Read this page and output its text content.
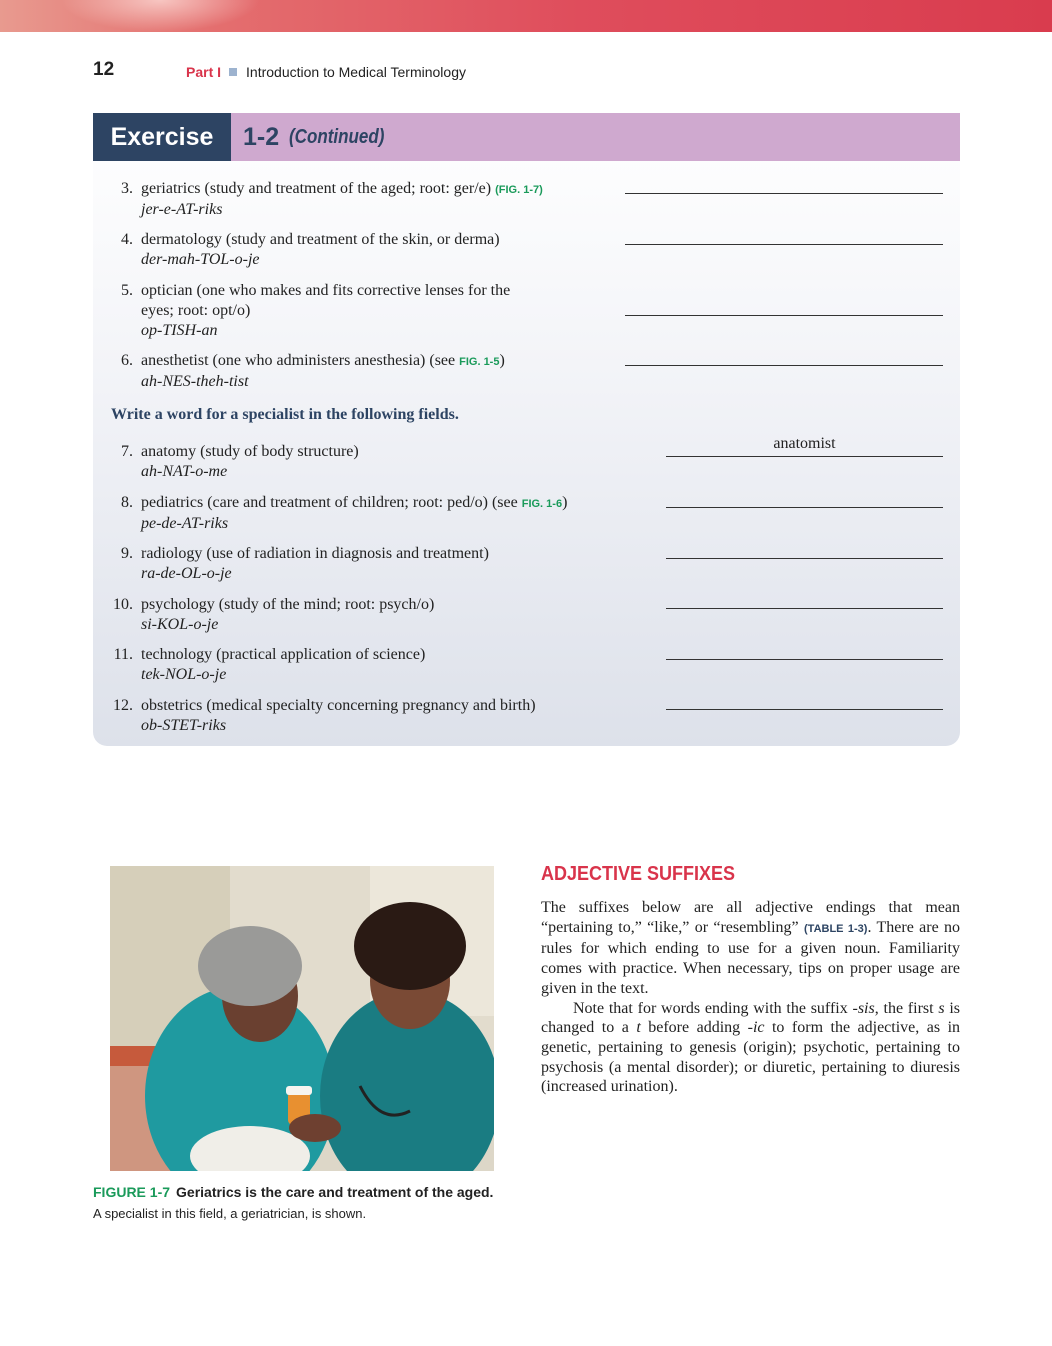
12	Part I Introduction to Medical Terminology
Exercise	1-2 (Continued)
3. geriatrics (study and treatment of the aged; root: ger/e) (FIG. 1-7)
jer-e-AT-riks
4. dermatology (study and treatment of the skin, or derma)
der-mah-TOL-o-je
5. optician (one who makes and fits corrective lenses for the
eyes; root: opt/o)
op-TISH-an
6. anesthetist (one who administers anesthesia) (see FIG. 1-5)
ah-NES-theh-tist
Write a word for a specialist in the following fields.
7. anatomy (study of body structure)
ah-NAT-o-me
anatomist
8. pediatrics (care and treatment of children; root: ped/o) (see FIG. 1-6)
pe-de-AT-riks
9. radiology (use of radiation in diagnosis and treatment)
ra-de-OL-o-je
10. psychology (study of the mind; root: psych/o)
si-KOL-o-je
11. technology (practical application of science)
tek-NOL-o-je
12. obstetrics (medical specialty concerning pregnancy and birth)
ob-STET-riks
FIGURE 1-7 Geriatrics is the care and treatment of the aged.
A specialist in this field, a geriatrician, is shown.
ADJECTIVE SUFFIXES

The suffixes below are all adjective endings that mean “pertaining to,” “like,” or “resembling” (TABLE 1-3). There are no rules for which ending to use for a given noun. Familiarity comes with practice. When necessary, tips on proper usage are given in the text.

Note that for words ending with the suffix -sis, the first s is changed to a t before adding -ic to form the adjective, as in genetic, pertaining to genesis (origin); psychotic, pertaining to psychosis (a mental disorder); or diuretic, pertaining to diuresis (increased urination).
